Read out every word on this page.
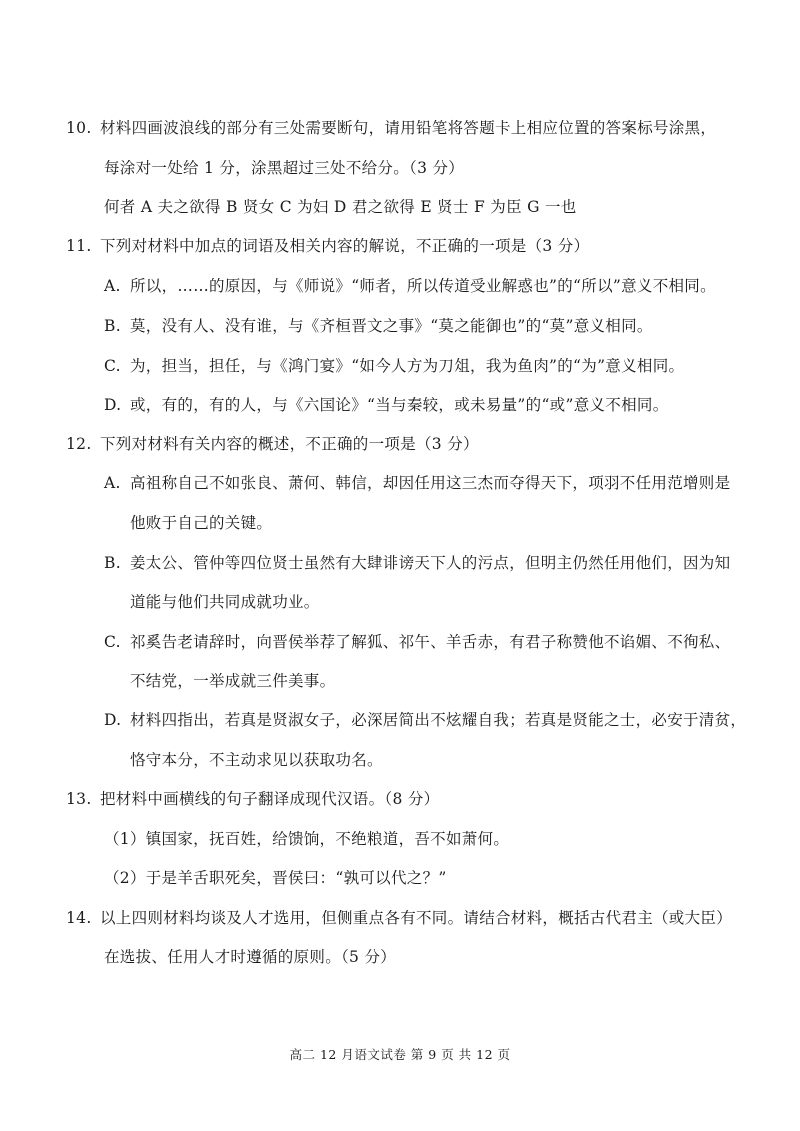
10. 材料四画波浪线的部分有三处需要断句，请用铅笔将答题卡上相应位置的答案标号涂黑，
每涂对一处给 1 分，涂黑超过三处不给分。（3 分）
何者 A 夫之欲得 B 贤女 C 为妇 D 君之欲得 E 贤士 F 为臣 G 一也
11. 下列对材料中加点的词语及相关内容的解说，不正确的一项是（3 分）
A. 所以，……的原因，与《师说》“师者，所以传道受业解惑也”的“所以”意义不相同。
B. 莫，没有人、没有谁，与《齐桓晋文之事》“莫之能御也”的“莫”意义相同。
C. 为，担当，担任，与《鸿门宴》“如今人方为刀俎，我为鱼肉”的“为”意义相同。
D. 或，有的，有的人，与《六国论》“当与秦较，或未易量”的“或”意义不相同。
12. 下列对材料有关内容的概述，不正确的一项是（3 分）
A. 高祖称自己不如张良、萧何、韩信，却因任用这三杰而夺得天下，项羽不任用范增则是
他败于自己的关键。
B. 姜太公、管仲等四位贤士虽然有大肆诽谤天下人的污点，但明主仍然任用他们，因为知
道能与他们共同成就功业。
C. 祁奚告老请辞时，向晋侯举荐了解狐、祁午、羊舌赤，有君子称赞他不谄媚、不徇私、
不结党，一举成就三件美事。
D. 材料四指出，若真是贤淑女子，必深居简出不炫耀自我；若真是贤能之士，必安于清贫，
恪守本分，不主动求见以获取功名。
13. 把材料中画横线的句子翻译成现代汉语。（8 分）
（1）镇国家，抚百姓，给馈饷，不绝粮道，吾不如萧何。
（2）于是羊舌职死矣，晋侯曰：“孰可以代之？”
14. 以上四则材料均谈及人才选用，但侧重点各有不同。请结合材料，概括古代君主（或大臣）
在选拔、任用人才时遵循的原则。（5 分）
高二 12 月语文试卷 第 9 页 共 12 页
